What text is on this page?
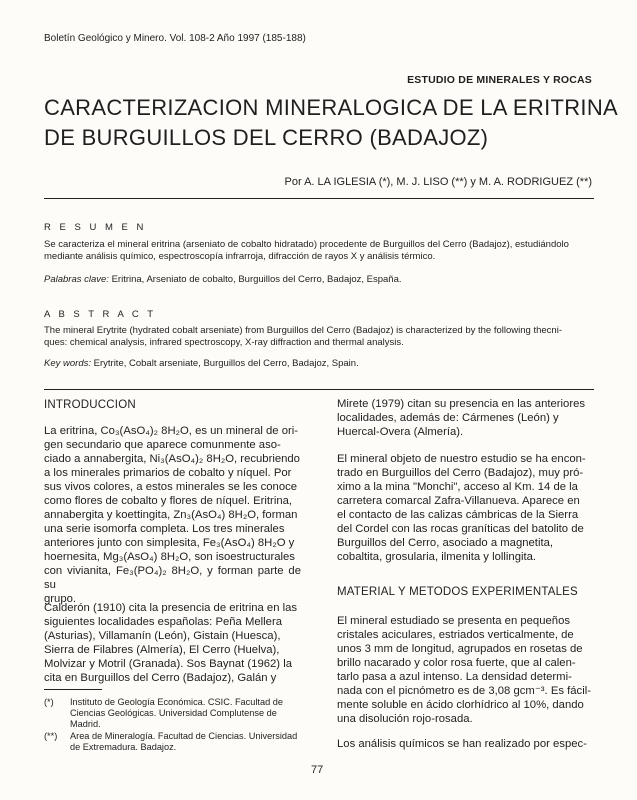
Boletín Geológico y Minero. Vol. 108-2 Año 1997 (185-188)
ESTUDIO DE MINERALES Y ROCAS
CARACTERIZACION MINERALOGICA DE LA ERITRINA
DE BURGUILLOS DEL CERRO (BADAJOZ)
Por A. LA IGLESIA (*), M. J. LISO (**) y M. A. RODRIGUEZ (**)
R E S U M E N
Se caracteriza el mineral eritrina (arseniato de cobalto hidratado) procedente de Burguillos del Cerro (Badajoz), estudiándolo
mediante análisis químico, espectroscopía infrarroja, difracción de rayos X y análisis térmico.
Palabras clave: Eritrina, Arseniato de cobalto, Burguillos del Cerro, Badajoz, España.
A B S T R A C T
The mineral Erytrite (hydrated cobalt arseniate) from Burguillos del Cerro (Badajoz) is characterized by the following thecni-
ques: chemical analysis, infrared spectroscopy, X-ray diffraction and thermal analysis.
Key words: Erytrite, Cobalt arseniate, Burguillos del Cerro, Badajoz, Spain.
INTRODUCCION
La eritrina, Co₃(AsO₄)₂ 8H₂O, es un mineral de ori-
gen secundario que aparece comunmente aso-
ciado a annabergita, Ni₃(AsO₄)₂ 8H₂O, recubriendo
a los minerales primarios de cobalto y níquel. Por
sus vivos colores, a estos minerales se les conoce
como flores de cobalto y flores de níquel. Eritrina,
annabergita y koettingita, Zn₃(AsO₄) 8H₂O, forman
una serie isomorfa completa. Los tres minerales
anteriores junto con simplesita, Fe₃(AsO₄) 8H₂O y
hoernesita, Mg₃(AsO₄) 8H₂O, son isoestructurales
con vivianita, Fe₃(PO₄)₂ 8H₂O, y forman parte de su
grupo.
Calderón (1910) cita la presencia de eritrina en las
siguientes localidades españolas: Peña Mellera
(Asturias), Villamanín (León), Gistain (Huesca),
Sierra de Filabres (Almería), El Cerro (Huelva),
Molvizar y Motril (Granada). Sos Baynat (1962) la
cita en Burguillos del Cerro (Badajoz), Galán y
(*) Instituto de Geología Económica. CSIC. Facultad de
Ciencias Geológicas. Universidad Complutense de
Madrid.
(**) Area de Mineralogía. Facultad de Ciencias. Universidad
de Extremadura. Badajoz.
Mirete (1979) citan su presencia en las anteriores
localidades, además de: Cármenes (León) y
Huercal-Overa (Almería).
El mineral objeto de nuestro estudio se ha encon-
trado en Burguillos del Cerro (Badajoz), muy pró-
ximo a la mina "Monchi", acceso al Km. 14 de la
carretera comarcal Zafra-Villanueva. Aparece en
el contacto de las calizas cámbricas de la Sierra
del Cordel con las rocas graníticas del batolito de
Burguillos del Cerro, asociado a magnetita,
cobaltita, grosularia, ilmenita y lollingita.
MATERIAL Y METODOS EXPERIMENTALES
El mineral estudiado se presenta en pequeños
cristales aciculares, estriados verticalmente, de
unos 3 mm de longitud, agrupados en rosetas de
brillo nacarado y color rosa fuerte, que al calen-
tarlo pasa a azul intenso. La densidad determi-
nada con el picnómetro es de 3,08 gcm⁻³. Es fácil-
mente soluble en ácido clorhídrico al 10%, dando
una disolución rojo-rosada.
Los análisis químicos se han realizado por espec-
77
